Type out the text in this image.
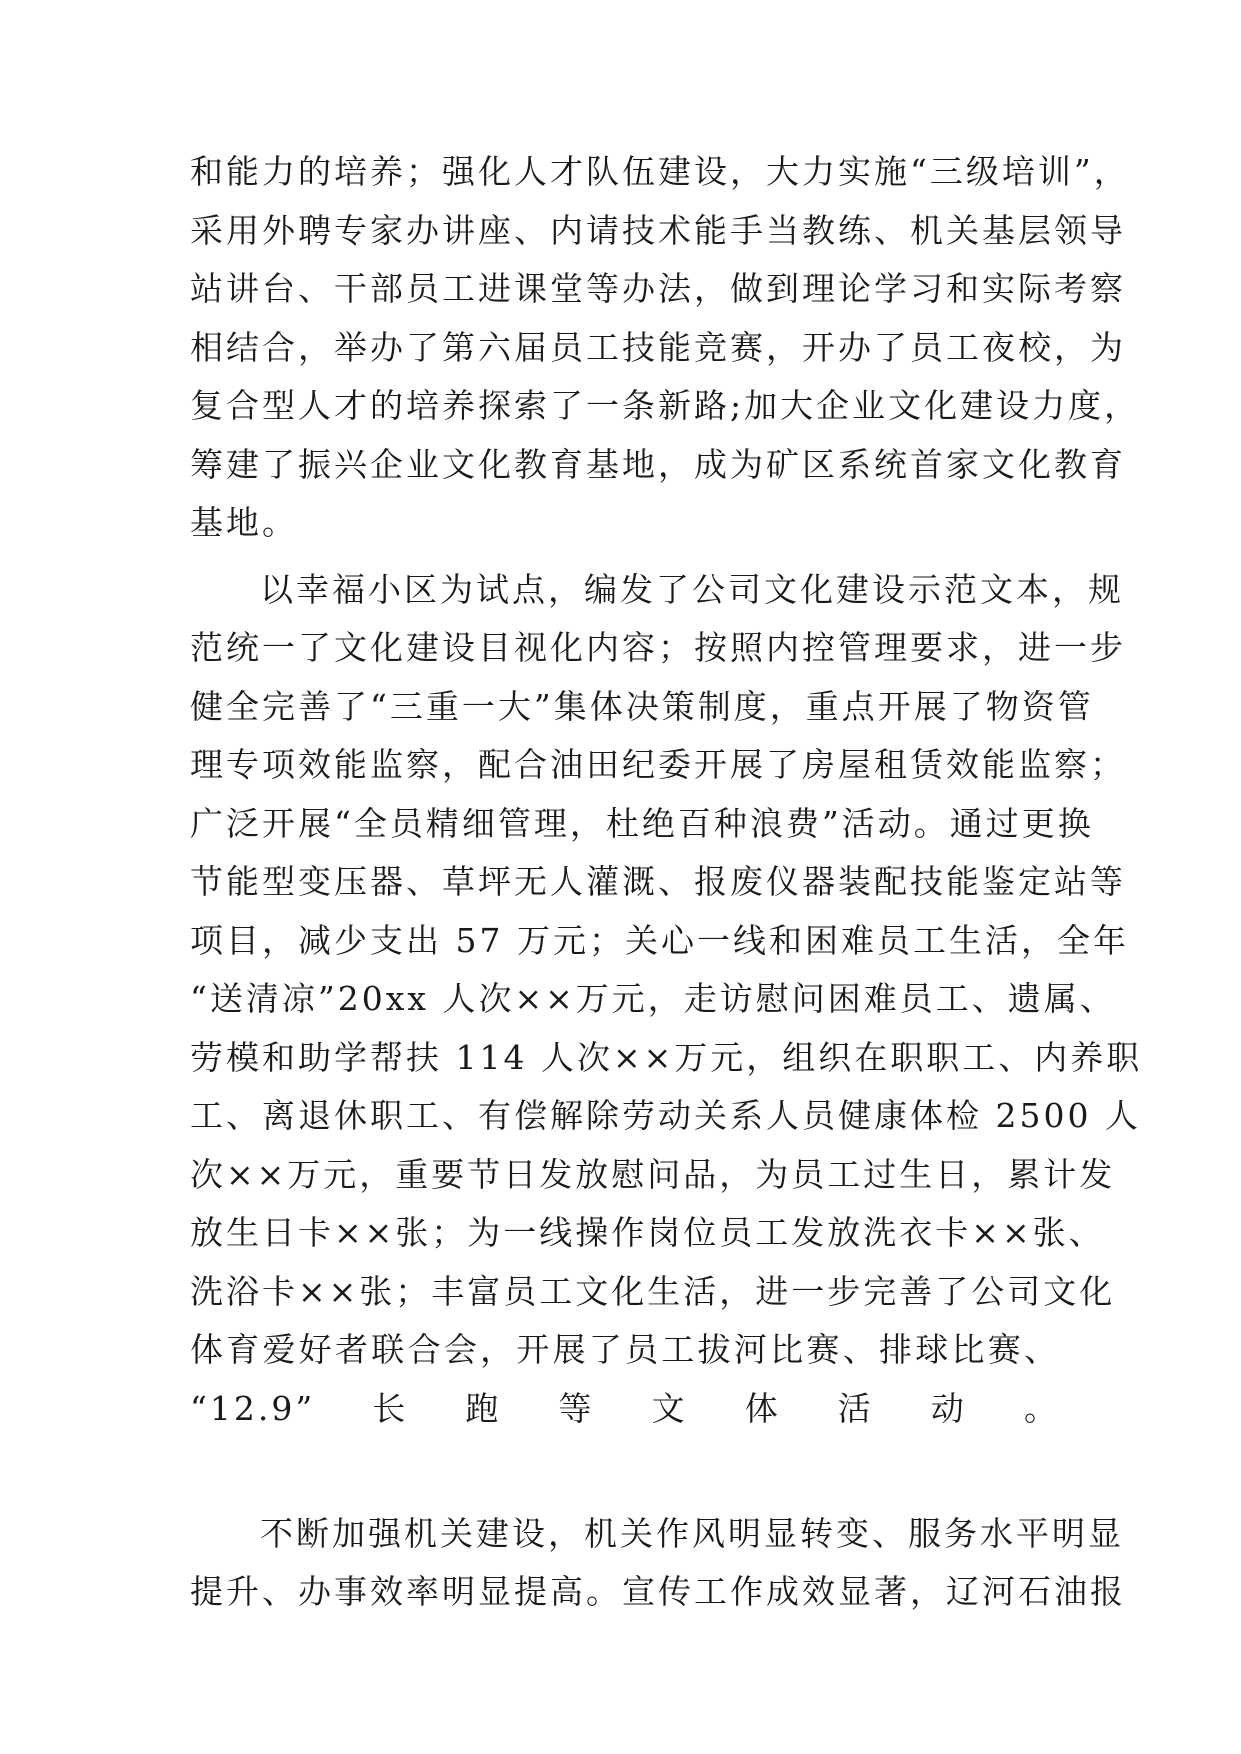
和能力的培养；强化人才队伍建设，大力实施“三级培训”，
采用外聘专家办讲座、内请技术能手当教练、机关基层领导
站讲台、干部员工进课堂等办法，做到理论学习和实际考察
相结合，举办了第六届员工技能竞赛，开办了员工夜校，为
复合型人才的培养探索了一条新路;加大企业文化建设力度，
筹建了振兴企业文化教育基地，成为矿区系统首家文化教育
基地。
以幸福小区为试点，编发了公司文化建设示范文本，规
范统一了文化建设目视化内容；按照内控管理要求，进一步
健全完善了“三重一大”集体决策制度，重点开展了物资管
理专项效能监察，配合油田纪委开展了房屋租赁效能监察；
广泛开展“全员精细管理，杜绝百种浪费”活动。通过更换
节能型变压器、草坪无人灌溉、报废仪器装配技能鉴定站等
项目，减少支出 57 万元；关心一线和困难员工生活，全年
“送清凉”20xx 人次××万元，走访慰问困难员工、遗属、
劳模和助学帮扶 114 人次××万元，组织在职职工、内养职
工、离退休职工、有偿解除劳动关系人员健康体检 2500 人
次××万元，重要节日发放慰问品，为员工过生日，累计发
放生日卡××张；为一线操作岗位员工发放洗衣卡××张、
洗浴卡××张；丰富员工文化生活，进一步完善了公司文化
体育爱好者联合会，开展了员工拔河比赛、排球比赛、
“12.9”长跑等文体活动。
不断加强机关建设，机关作风明显转变、服务水平明显
提升、办事效率明显提高。宣传工作成效显著，辽河石油报
